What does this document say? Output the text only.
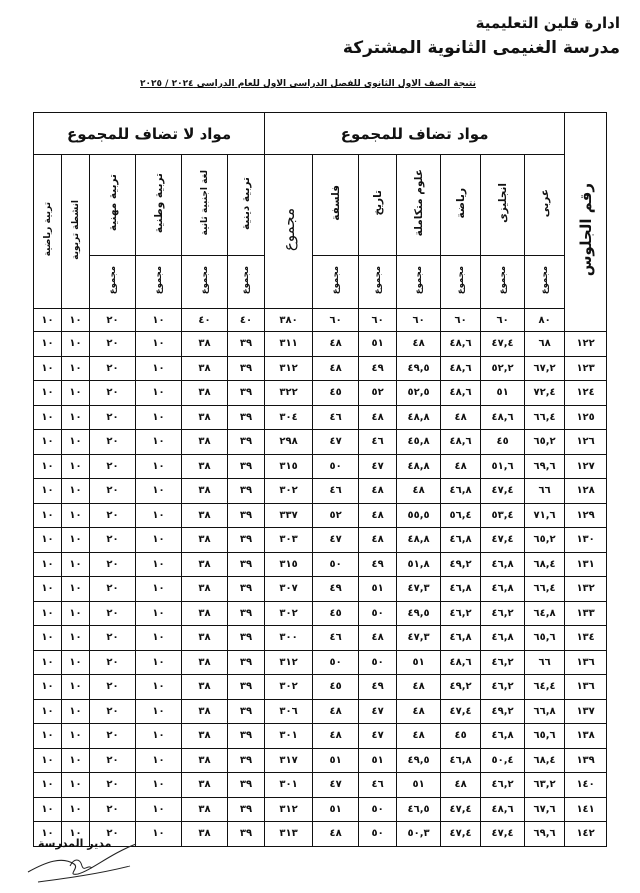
ادارة قلين التعليمية
مدرسة الغنيمى الثانوية المشتركة
نتيجة الصف الاول الثانوى للفصل الدراسى الاول للعام الدراسى ٢٠٢٤ / ٢٠٢٥
مواد لا تضاف للمجموع						مواد تضاف للمجموع							
تربية رياضية	انشطة تربوية	تربية مهنية	تربية وطنية	لغة اجنبية ثانية	تربية دينية	مجموع	فلسفة	تاريخ	علوم متكاملة	رياضة	انجليزى	عربى	رقم الجلوس
		مجموع	مجموع	مجموع	مجموع		مجموع	مجموع	مجموع	مجموع	مجموع	مجموع	
١٠	١٠	٢٠	١٠	٤٠	٤٠	٣٨٠	٦٠	٦٠	٦٠	٦٠	٦٠	٨٠	
١٠	١٠	٢٠	١٠	٣٨	٣٩	٣١١	٤٨	٥١	٤٨	٤٨,٦	٤٧,٤	٦٨	١٢٢
١٠	١٠	٢٠	١٠	٣٨	٣٩	٣١٢	٤٨	٤٩	٤٩,٥	٤٨,٦	٥٢,٢	٦٧,٢	١٢٣
١٠	١٠	٢٠	١٠	٣٨	٣٩	٣٢٢	٤٥	٥٢	٥٢,٥	٤٨,٦	٥١	٧٢,٤	١٢٤
١٠	١٠	٢٠	١٠	٣٨	٣٩	٣٠٤	٤٦	٤٨	٤٨,٨	٤٨	٤٨,٦	٦٦,٤	١٢٥
١٠	١٠	٢٠	١٠	٣٨	٣٩	٢٩٨	٤٧	٤٦	٤٥,٨	٤٨,٦	٤٥	٦٥,٢	١٢٦
١٠	١٠	٢٠	١٠	٣٨	٣٩	٣١٥	٥٠	٤٧	٤٨,٨	٤٨	٥١,٦	٦٩,٦	١٢٧
١٠	١٠	٢٠	١٠	٣٨	٣٩	٣٠٢	٤٦	٤٨	٤٨	٤٦,٨	٤٧,٤	٦٦	١٢٨
١٠	١٠	٢٠	١٠	٣٨	٣٩	٣٣٧	٥٢	٤٨	٥٥,٥	٥٦,٤	٥٣,٤	٧١,٦	١٢٩
١٠	١٠	٢٠	١٠	٣٨	٣٩	٣٠٣	٤٧	٤٨	٤٨,٨	٤٦,٨	٤٧,٤	٦٥,٢	١٣٠
١٠	١٠	٢٠	١٠	٣٨	٣٩	٣١٥	٥٠	٤٩	٥١,٨	٤٩,٢	٤٦,٨	٦٨,٤	١٣١
١٠	١٠	٢٠	١٠	٣٨	٣٩	٣٠٧	٤٩	٥١	٤٧,٣	٤٦,٨	٤٦,٨	٦٦,٤	١٣٢
١٠	١٠	٢٠	١٠	٣٨	٣٩	٣٠٢	٤٥	٥٠	٤٩,٥	٤٦,٢	٤٦,٢	٦٤,٨	١٣٣
١٠	١٠	٢٠	١٠	٣٨	٣٩	٣٠٠	٤٦	٤٨	٤٧,٣	٤٦,٨	٤٦,٨	٦٥,٦	١٣٤
١٠	١٠	٢٠	١٠	٣٨	٣٩	٣١٢	٥٠	٥٠	٥١	٤٨,٦	٤٦,٢	٦٦	١٣٦
١٠	١٠	٢٠	١٠	٣٨	٣٩	٣٠٢	٤٥	٤٩	٤٨	٤٩,٢	٤٦,٢	٦٤,٤	١٣٦
١٠	١٠	٢٠	١٠	٣٨	٣٩	٣٠٦	٤٨	٤٧	٤٨	٤٧,٤	٤٩,٢	٦٦,٨	١٣٧
١٠	١٠	٢٠	١٠	٣٨	٣٩	٣٠١	٤٨	٤٧	٤٨	٤٥	٤٦,٨	٦٥,٦	١٣٨
١٠	١٠	٢٠	١٠	٣٨	٣٩	٣١٧	٥١	٥١	٤٩,٥	٤٦,٨	٥٠,٤	٦٨,٤	١٣٩
١٠	١٠	٢٠	١٠	٣٨	٣٩	٣٠١	٤٧	٤٦	٥١	٤٨	٤٦,٢	٦٣,٢	١٤٠
١٠	١٠	٢٠	١٠	٣٨	٣٩	٣١٢	٥١	٥٠	٤٦,٥	٤٧,٤	٤٨,٦	٦٧,٦	١٤١
١٠	١٠	٢٠	١٠	٣٨	٣٩	٣١٣	٤٨	٥٠	٥٠,٣	٤٧,٤	٤٧,٤	٦٩,٦	١٤٢
مدير المدرسة
